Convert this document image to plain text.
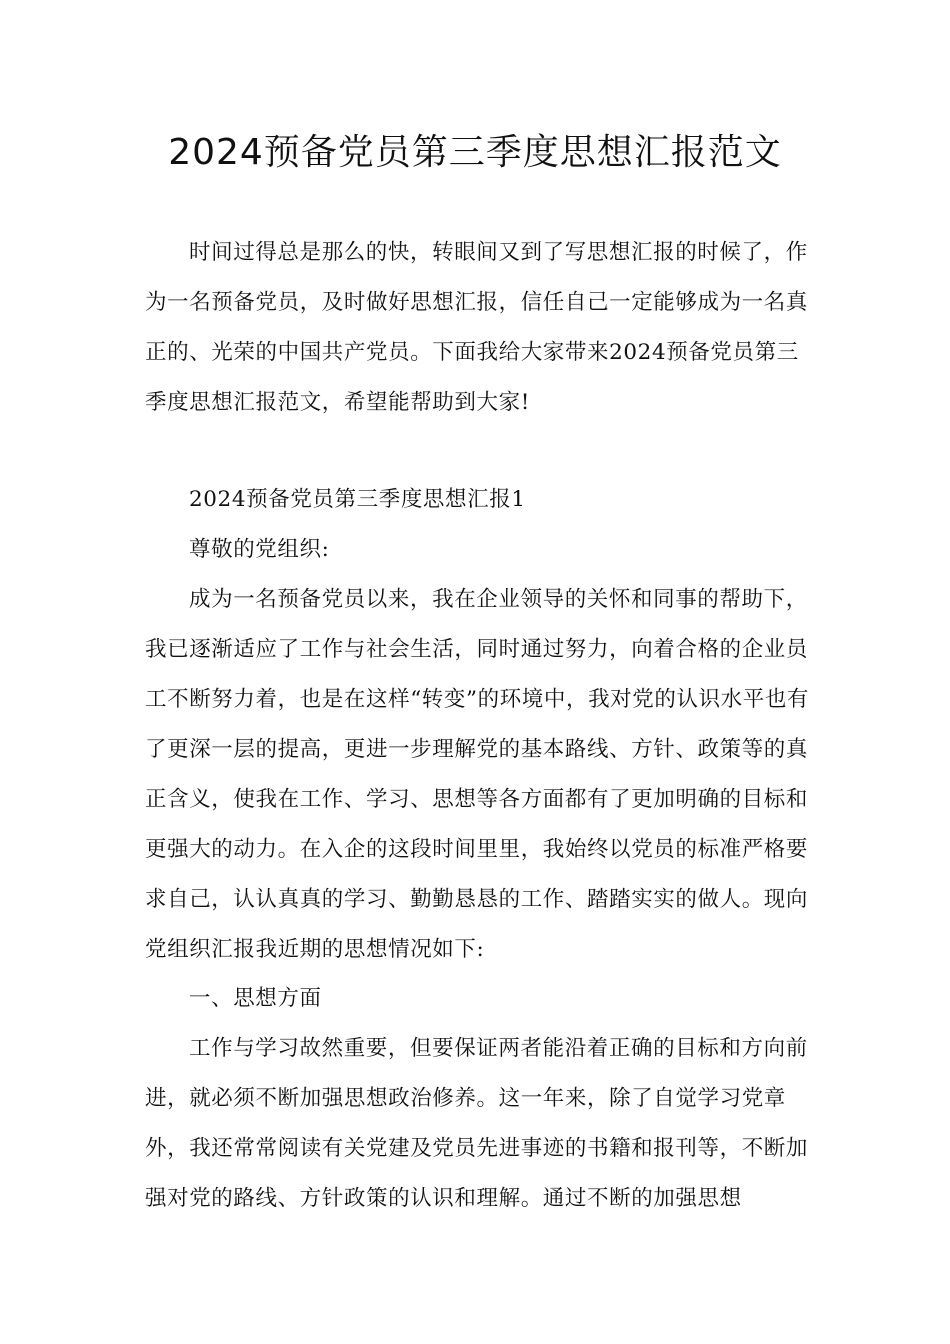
2024预备党员第三季度思想汇报范文

时间过得总是那么的快，转眼间又到了写思想汇报的时候了，作为一名预备党员，及时做好思想汇报，信任自己一定能够成为一名真正的、光荣的中国共产党员。下面我给大家带来2024预备党员第三季度思想汇报范文，希望能帮助到大家!

2024预备党员第三季度思想汇报1

尊敬的党组织:

成为一名预备党员以来，我在企业领导的关怀和同事的帮助下，我已逐渐适应了工作与社会生活，同时通过努力，向着合格的企业员工不断努力着，也是在这样“转变”的环境中，我对党的认识水平也有了更深一层的提高，更进一步理解党的基本路线、方针、政策等的真正含义，使我在工作、学习、思想等各方面都有了更加明确的目标和更强大的动力。在入企的这段时间里里，我始终以党员的标准严格要求自己，认认真真的学习、勤勤恳恳的工作、踏踏实实的做人。现向党组织汇报我近期的思想情况如下:

一、思想方面

工作与学习故然重要，但要保证两者能沿着正确的目标和方向前进，就必须不断加强思想政治修养。这一年来，除了自觉学习党章外，我还常常阅读有关党建及党员先进事迹的书籍和报刊等，不断加强对党的路线、方针政策的认识和理解。通过不断的加强思想
